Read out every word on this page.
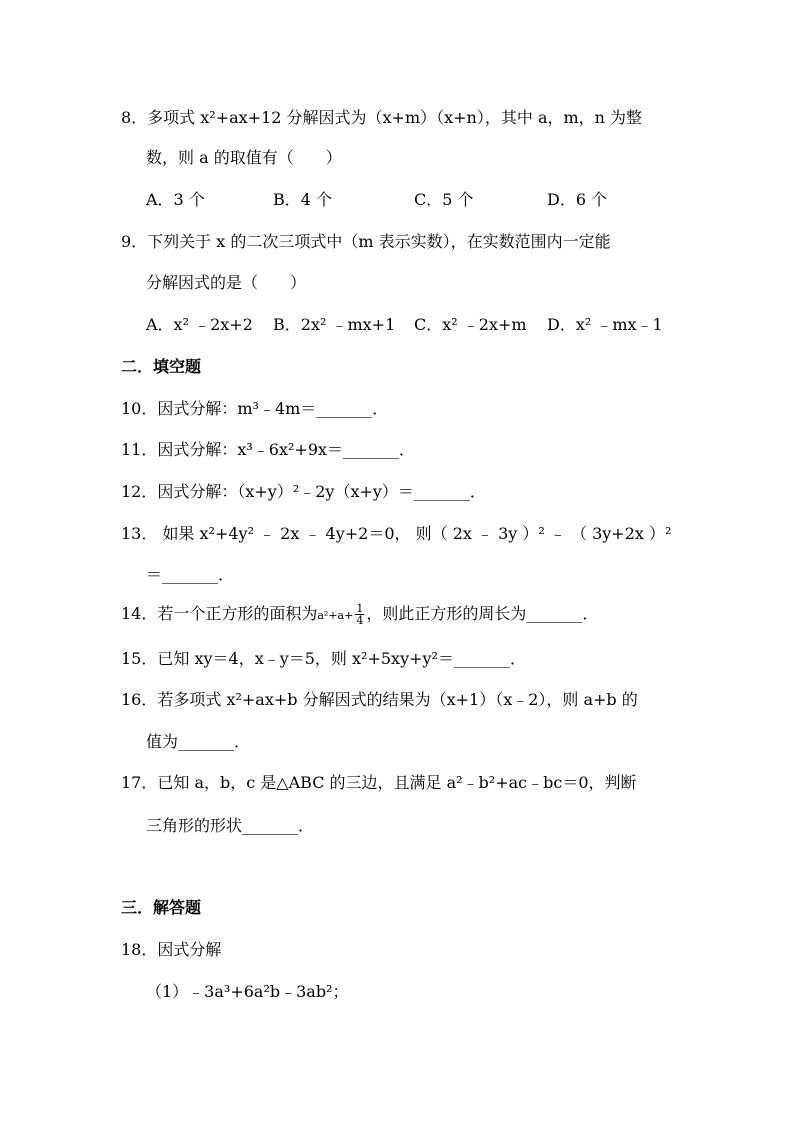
8．多项式 x²+ax+12 分解因式为（x+m）（x+n），其中 a，m，n 为整
数，则 a 的取值有（　　）
A．3 个	B．4 个	C．5 个	D．6 个
9．下列关于 x 的二次三项式中（m 表示实数），在实数范围内一定能
分解因式的是（　　）
A．x² ﹣2x+2 B．2x² ﹣mx+1 C．x² ﹣2x+m D．x² ﹣mx﹣1
二．填空题
10．因式分解：m³﹣4m＝_______．
11．因式分解：x³﹣6x²+9x＝_______．
12．因式分解：（x+y）²﹣2y（x+y）＝_______．
13． 如果 x²+4y² ﹣ 2x ﹣ 4y+2＝0， 则（ 2x ﹣ 3y ）² ﹣ （ 3y+2x ）²
＝_______．
14．若一个正方形的面积为$a^2+a+ \frac{1}{4}$ ，则此正方形的周长为_______．
15．已知 xy＝4，x﹣y＝5，则 x²+5xy+y²＝_______．
16．若多项式 x²+ax+b 分解因式的结果为（x+1）（x﹣2），则 a+b 的
值为_______．
17．已知 a，b，c 是△ABC 的三边，且满足 a²﹣b²+ac﹣bc＝0，判断
三角形的形状_______．
三．解答题
18．因式分解
（1）﹣3a³+6a²b﹣3ab²；
